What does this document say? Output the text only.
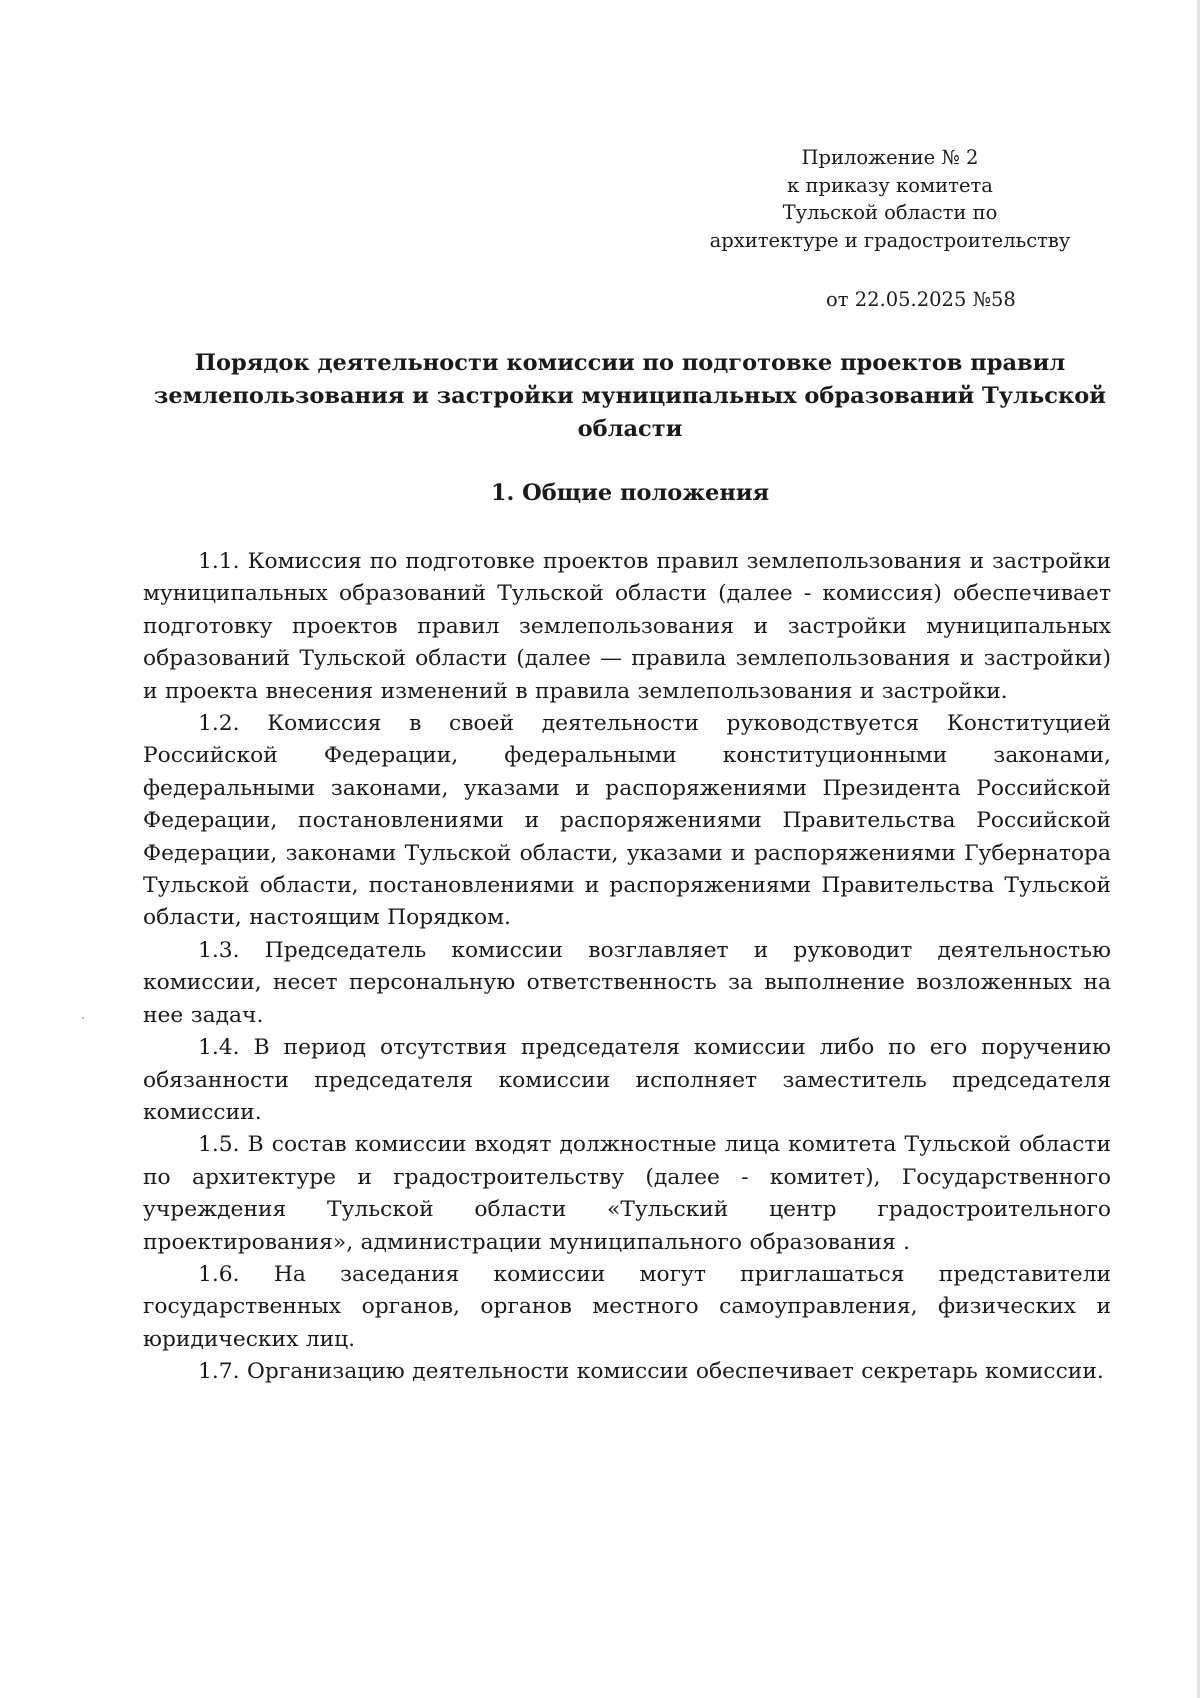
Приложение № 2
к приказу комитета
Тульской области по
архитектуре и градостроительству
от 22.05.2025 №58
Порядок деятельности комиссии по подготовке проектов правил
землепользования и застройки муниципальных образований Тульской
области
1. Общие положения

1.1. Комиссия по подготовке проектов правил землепользования и застройки муниципальных образований Тульской области (далее - комиссия) обеспечивает подготовку проектов правил землепользования и застройки муниципальных образований Тульской области (далее — правила землепользования и застройки) и проекта внесения изменений в правила землепользования и застройки.

1.2. Комиссия в своей деятельности руководствуется Конституцией Российской Федерации, федеральными конституционными законами, федеральными законами, указами и распоряжениями Президента Российской Федерации, постановлениями и распоряжениями Правительства Российской Федерации, законами Тульской области, указами и распоряжениями Губернатора Тульской области, постановлениями и распоряжениями Правительства Тульской области, настоящим Порядком.

1.3. Председатель комиссии возглавляет и руководит деятельностью комиссии, несет персональную ответственность за выполнение возложенных на нее задач.

1.4. В период отсутствия председателя комиссии либо по его поручению обязанности председателя комиссии исполняет заместитель председателя комиссии.

1.5. В состав комиссии входят должностные лица комитета Тульской области по архитектуре и градостроительству (далее - комитет), Государственного учреждения Тульской области «Тульский центр градостроительного проектирования», администрации муниципального образования .

1.6. На заседания комиссии могут приглашаться представители государственных органов, органов местного самоуправления, физических и юридических лиц.

1.7. Организацию деятельности комиссии обеспечивает секретарь комиссии.
